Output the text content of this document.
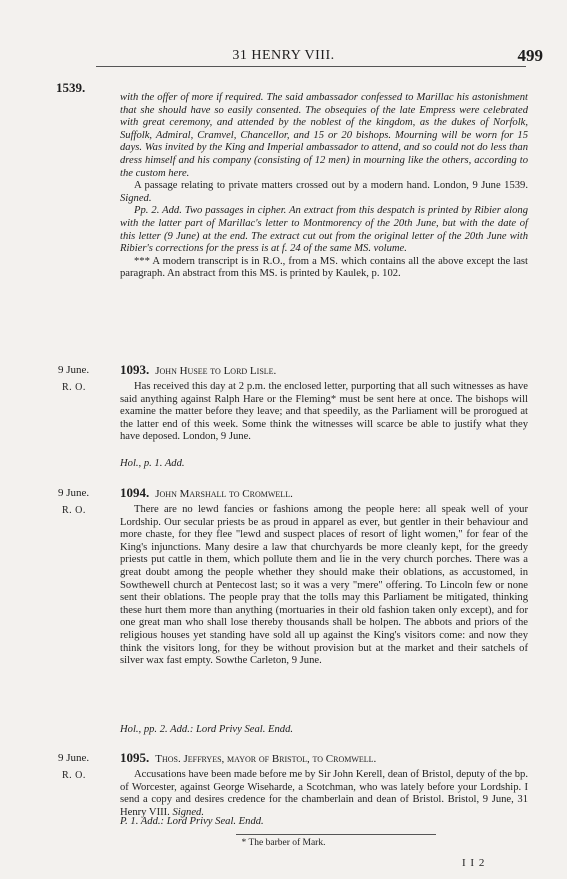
31 HENRY VIII.	499
1539.

with the offer of more if required. The said ambassador confessed to Marillac his astonishment that she should have so easily consented. The obsequies of the late Empress were celebrated with great ceremony, and attended by the noblest of the kingdom, as the dukes of Norfolk, Suffolk, Admiral, Cramvel, Chancellor, and 15 or 20 bishops. Mourning will be worn for 15 days. Was invited by the King and Imperial ambassador to attend, and so could not do less than dress himself and his company (consisting of 12 men) in mourning like the others, according to the custom here.

A passage relating to private matters crossed out by a modern hand. London, 9 June 1539. Signed.

Pp. 2. Add. Two passages in cipher. An extract from this despatch is printed by Ribier along with the latter part of Marillac's letter to Montmorency of the 20th June, but with the date of this letter (9 June) at the end. The extract cut out from the original letter of the 20th June with Ribier's corrections for the press is at f. 24 of the same MS. volume.

*** A modern transcript is in R.O., from a MS. which contains all the above except the last paragraph. An abstract from this MS. is printed by Kaulek, p. 102.

9 June. 1093. John Husee to Lord Lisle.
R. O.	Has received this day at 2 p.m. the enclosed letter, purporting that all such witnesses as have said anything against Ralph Hare or the Fleming* must be sent here at once. The bishops will examine the matter before they leave; and that speedily, as the Parliament will be prorogued at the latter end of this week. Some think the witnesses will scarce be able to justify what they have deposed. London, 9 June.

Hol., p. 1. Add.
9 June. 1094. John Marshall to Cromwell.
R. O.	There are no lewd fancies or fashions among the people here: all speak well of your Lordship. Our secular priests be as proud in apparel as ever, but gentler in their behaviour and more chaste, for they flee "lewd and suspect places of resort of light women," for fear of the King's injunctions. Many desire a law that churchyards be more cleanly kept, for the greedy priests put cattle in them, which pollute them and lie in the very church porches. There was a great doubt among the people whether they should make their oblations, as accustomed, in Sowthewell church at Pentecost last; so it was a very "mere" offering. To Lincoln few or none sent their oblations. The people pray that the tolls may this Parliament be mitigated, thinking these hurt them more than anything (mortuaries in their old fashion taken only except), and for one great man who shall lose thereby thousands shall be holpen. The abbots and priors of the religious houses yet standing have sold all up against the King's visitors come: and now they think the visitors long, for they be without provision but at the market and their satchels of silver wax fast empty. Sowthe Carleton, 9 June.

Hol., pp. 2. Add.: Lord Privy Seal. Endd.
9 June. 1095. Thos. Jeffryes, mayor of Bristol, to Cromwell.
R. O.	Accusations have been made before me by Sir John Kerell, dean of Bristol, deputy of the bp. of Worcester, against George Wiseharde, a Scotchman, who was lately before your Lordship. I send a copy and desires credence for the chamberlain and dean of Bristol. Bristol, 9 June, 31 Henry VIII. Signed.

P. 1. Add.: Lord Privy Seal. Endd.
* The barber of Mark.
I I 2
